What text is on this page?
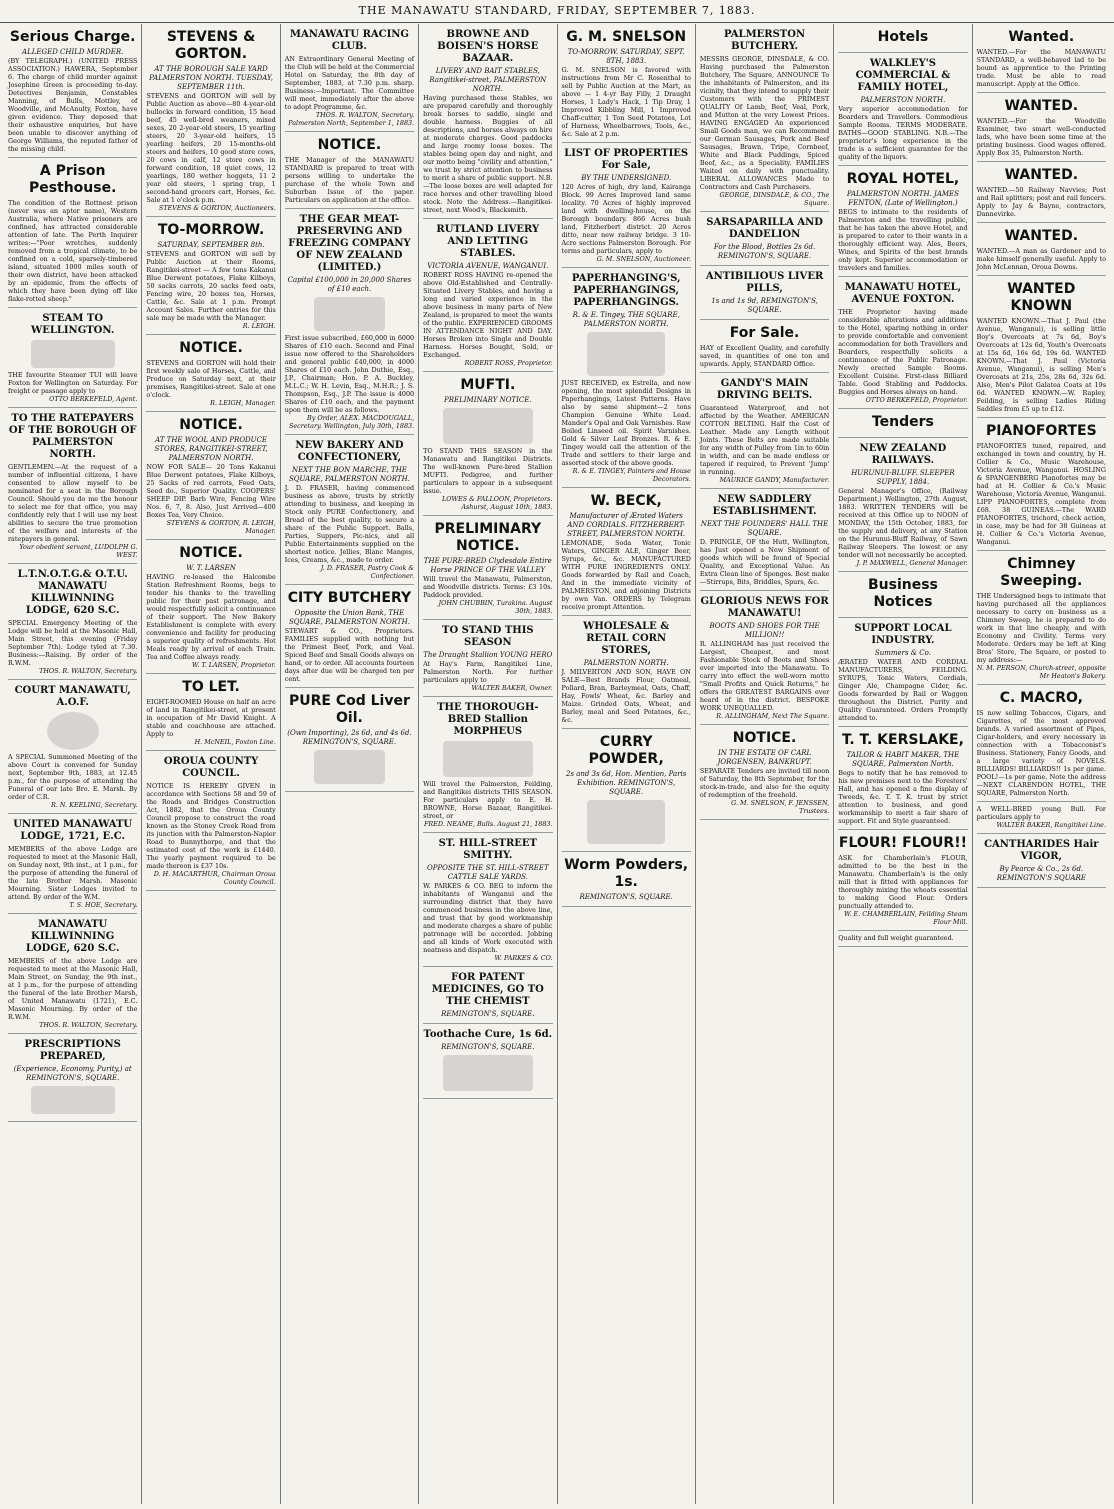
THE MANAWATU STANDARD, FRIDAY, SEPTEMBER 7, 1883.
Serious Charge.
ALLEGED CHILD MURDER.
(BY TELEGRAPH.) (UNITED PRESS ASSOCIATION.) HAWERA, September 6. The charge of child murder against Josephine Green is proceeding to-day. Detectives Benjamin, Constables Manning, of Bulls, Mottley, of Woodville, and McAnulty, Foxton, have given evidence. They deposed that their exhaustive enquiries, but have been unable to discover anything of George Williams, the reputed father of the missing child.
A Prison Pesthouse.
The condition of the Rottnest prison (never was an apter name), Western Australia, where Native prisoners are confined, has attracted considerable attention of late. The Perth Inquirer writes:—"Poor wretches, suddenly removed from a tropical climate, to be confined on a cold, sparsely-timbered island, situated 1000 miles south of their own district, have been attacked by an epidemic, from the effects of which they have been dying off like flake-rotted sheep."
STEAM TO WELLINGTON.
THE favourite Steamer TUI will leave Foxton for Wellington on Saturday. For freight or passage apply to
OTTO BERKEFELD, Agent.
TO THE RATEPAYERS OF THE BOROUGH OF PALMERSTON NORTH.
GENTLEMEN.—At the request of a number of influential citizens, I have consented to allow myself to be nominated for a seat in the Borough Council. Should you do me the honour to select me for that office, you may confidently rely that I will use my best abilities to secure the true promotion of the welfare and interests of the ratepayers in general.
Your obedient servant, LUDOLPH G. WEST.
L.T.N.O.T.G.& O.T.U. MANAWATU KILLWINNING LODGE, 620 S.C.
SPECIAL Emergency Meeting of the Lodge will be held at the Masonic Hall, Main Street, this evening (Friday September 7th). Lodge tyled at 7.30. Business:—Raising. By order of the R.W.M.
THOS. R. WALTON, Secretary.
COURT MANAWATU, A.O.F.
A SPECIAL Summoned Meeting of the above Court is convened for Sunday next, September 9th, 1883, at 12.45 p.m., for the purpose of attending the Funeral of our late Bro. E. Marsh. By order of C.R.
R. N. KEELING, Secretary.
UNITED MANAWATU LODGE, 1721, E.C.
MEMBERS of the above Lodge are requested to meet at the Masonic Hall, on Sunday next, 9th inst., at 1 p.m., for the purpose of attending the funeral of the late Brother Marsh. Masonic Mourning. Sister Lodges invited to attend. By order of the W.M.
T. S. HOE, Secretary.
MANAWATU KILLWINNING LODGE, 620 S.C.
MEMBERS of the above Lodge are requested to meet at the Masonic Hall, Main Street, on Sunday, the 9th inst., at 1 p.m., for the purpose of attending the funeral of the late Brother Marsh, of United Manawatu (1721), E.C. Masonic Mourning. By order of the R.W.M.
THOS. R. WALTON, Secretary.
PRESCRIPTIONS PREPARED,
(Experience, Economy, Purity,) at REMINGTON'S, SQUARE.
STEVENS & GORTON.
AT THE BOROUGH SALE YARD PALMERSTON NORTH. TUESDAY, SEPTEMBER 11th.
STEVENS and GORTON will sell by Public Auction as above—80 4-year-old bullocks in forward condition, 15 head beef, 45 well-bred weaners, mixed sexes, 20 2-year-old steers, 15 yearling steers, 20 3-year-old heifers, 15 yearling heifers, 20 15-months-old steers and heifers, 10 good store cows, 20 cows in calf, 12 store cows in forward condition, 18 quiet cows, 12 yearlings, 180 wether hoggets, 11 2 year old steers, 1 spring trap, 1 second-hand grocers cart, Horses, &c. Sale at 1 o'clock p.m.
STEVENS & GORTON, Auctioneers.
TO-MORROW.
SATURDAY, SEPTEMBER 8th.
STEVENS and GORTON will sell by Public Auction at their Rooms, Rangitikei-street — A few tons Kakanui Blue Derwent potatoes, Flake Kilboys, 50 sacks carrots, 20 sacks feed oats, Fencing wire, 20 boxes tea, Horses, Cattle, &c. Sale at 1 p.m. Prompt Account Sales. Further entries for this sale may be made with the Manager.
R. LEIGH.
NOTICE.
STEVENS and GORTON will hold their first weekly sale of Horses, Cattle, and Produce on Saturday next, at their premises, Rangitikei-street. Sale at one o'clock.
R. LEIGH, Manager.
NOTICE.
AT THE WOOL AND PRODUCE STORES, RANGITIKEI-STREET, PALMERSTON NORTH.
NOW FOR SALE— 20 Tons Kakanui Blue Derwent potatoes, Flake Kilboys, 25 Sacks of red carrots, Feed Oats, Seed do., Superior Quality. COOPERS' SHEEP DIP. Barb Wire, Fencing Wire Nos. 6, 7, 8. Also, Just Arrived—400 Boxes Tea, Very Choice.
STEVENS & GORTON, R. LEIGH, Manager.
NOTICE.
W. T. LARSEN
HAVING re-leased the Halcombe Station Refreshment Rooms, begs to tender his thanks to the travelling public for their past patronage, and would respectfully solicit a continuance of their support. The New Bakery Establishment is complete with every convenience and facility for producing a superior quality of refreshments. Hot Meals ready by arrival of each Train. Tea and Coffee always ready.
W. T. LARSEN, Proprietor.
TO LET.
EIGHT-ROOMED House on half an acre of land in Rangitikei-street, at present in occupation of Mr David Knight. A stable and coachhouse are attached. Apply to
H. McNEIL, Foxton Line.
OROUA COUNTY COUNCIL.
NOTICE IS HEREBY GIVEN in accordance with Sections 58 and 59 of the Roads and Bridges Construction Act, 1882, that the Oroua County Council propose to construct the road known as the Stoney Creek Road from its junction with the Palmerston-Napier Road to Bunnythorpe, and that the estimated cost of the work is £1440. The yearly payment required to be made thereon is £37 10s.
D. H. MACARTHUR, Chairman Oroua County Council.
MANAWATU RACING CLUB.
AN Extraordinary General Meeting of the Club will be held at the Commercial Hotel on Saturday, the 8th day of September, 1883, at 7.30 p.m. sharp. Business:—Important. The Committee will meet, immediately after the above to adopt Programme, &c.
THOS. R. WALTON, Secretary. Palmerston North, September 1, 1883.
NOTICE.
THE Manager of the MANAWATU STANDARD is prepared to treat with persons willing to undertake the purchase of the whole Town and Suburban Issue of the paper. Particulars on application at the office.
THE GEAR MEAT-PRESERVING AND FREEZING COMPANY OF NEW ZEALAND (LIMITED.)
Capital £100,000 in 20,000 Shares of £10 each.
First issue subscribed, £60,000 in 6000 Shares of £10 each. Second and Final issue now offered to the Shareholders and general public £40,000, in 4000 Shares of £10 each. John Duthie, Esq., J.P., Chairman; Hon. P. A. Buckley, M.L.C.; W. H. Levin, Esq., M.H.R.; J. S. Thompson, Esq., J.P. The issue is 4000 Shares of £10 each, and the payment upon them will be as follows.
By Order, ALEX. MACDOUGALL, Secretary. Wellington, July 30th, 1883.
NEW BAKERY AND CONFECTIONERY,
NEXT THE BON MARCHE, THE SQUARE, PALMERSTON NORTH.
J. D. FRASER, having commenced business as above, trusts by strictly attending to business, and keeping in Stock only PURE Confectionery, and Bread of the best quality, to secure a share of the Public Support. Balls, Parties, Suppers, Pic-nics, and all Public Entertainments supplied on the shortest notice. Jellies, Blanc Manges, Ices, Creams, &c., made to order.
J. D. FRASER, Pastry Cook & Confectioner.
CITY BUTCHERY
Opposite the Union Bank, THE SQUARE, PALMERSTON NORTH.
STEWART & CO., Proprietors. FAMILIES supplied with nothing but the Primest Beef, Pork, and Veal. Spiced Beef and Small Goods always on hand, or to order. All accounts fourteen days after due will be charged ten per cent.
PURE Cod Liver Oil.
(Own Importing), 2s 6d, and 4s 6d. REMINGTON'S, SQUARE.
BROWNE AND BOISEN'S HORSE BAZAAR.
LIVERY AND BAIT STABLES, Rangitikei-street, PALMERSTON NORTH.
Having purchased these Stables, we are prepared carefully and thoroughly break horses to saddle, single and double harness. Buggies of all descriptions, and horses always on hire at moderate charges. Good paddocks and large roomy loose boxes. The stables being open day and night, and our motto being "civility and attention," we trust by strict attention to business to merit a share of public support. N.B.—The loose boxes are well adapted for race horses and other travelling blood stock. Note the Address.—Rangitikei-street, next Wood's, Blacksmith.
RUTLAND LIVERY AND LETTING STABLES.
VICTORIA AVENUE, WANGANUI.
ROBERT ROSS HAVING re-opened the above Old-Established and Centrally-Situated Livery Stables, and having a long and varied experience in the above business in many parts of New Zealand, is prepared to meet the wants of the public. EXPERIENCED GROOMS IN ATTENDANCE NIGHT AND DAY. Horses Broken into Single and Double Harness. Horses Bought, Sold, or Exchanged.
ROBERT ROSS, Proprietor.
MUFTI.
PRELIMINARY NOTICE.
TO STAND THIS SEASON in the Manawatu and Rangitikei Districts. The well-known Pure-bred Stallion MUFTI. Pedigree, and further particulars to appear in a subsequent issue.
LOWES & FALLOON, Proprietors. Ashurst, August 10th, 1883.
PRELIMINARY NOTICE.
THE PURE-BRED Clydesdale Entire Horse PRINCE OF THE VALLEY
Will travel the Manawatu, Palmerston, and Woodville districts. Terms: £3 10s. Paddock provided.
JOHN CHUBBIN, Turakina. August 30th, 1883.
TO STAND THIS SEASON
The Draught Stallion YOUNG HERO
At Hay's Farm, Rangitikei Line, Palmerston North. For further particulars apply to
WALTER BAKER, Owner.
THE THOROUGH-BRED Stallion MORPHEUS
Will travel the Palmerston, Feilding, and Rangitikei districts THIS SEASON. For particulars apply to E. H. BROWNE, Horse Bazaar, Rangitikei-street, or
FRED. NEAME, Bulls. August 21, 1883.
ST. HILL-STREET SMITHY.
OPPOSITE THE ST. HILL-STREET CATTLE SALE YARDS.
W. PARKES & CO. BEG to inform the inhabitants of Wanganui and the surrounding district that they have commenced business in the above line, and trust that by good workmanship and moderate charges a share of public patronage will be accorded. Jobbing and all kinds of Work executed with neatness and dispatch.
W. PARKES & CO.
FOR PATENT MEDICINES, GO TO THE CHEMIST
REMINGTON'S, SQUARE.
Toothache Cure, 1s 6d.
REMINGTON'S, SQUARE.
G. M. SNELSON
TO-MORROW. SATURDAY, SEPT. 8TH, 1883.
G. M. SNELSON is favored with instructions from Mr C. Rosenthal to sell by Public Auction at the Mart, as above — 1 4-yr Bay Filly, 2 Draught Horses, 1 Lady's Hack, 1 Tip Dray, 1 Improved Kibbling Mill, 1 Improved Chaff-cutter, 1 Ton Seed Potatoes, Lot of Harness, Wheelbarrows, Tools, &c., &c. Sale at 2 p.m.
LIST OF PROPERTIES For Sale,
BY THE UNDERSIGNED.
120 Acres of high, dry land, Kairanga Block. 99 Acres Improved land same locality. 70 Acres of highly improved land with dwelling-house, on the Borough boundary. 866 Acres bush land, Fitzherbert district. 20 Acres ditto, near new railway bridge. 3 10-Acre sections Palmerston Borough. For terms and particulars, apply to
G. M. SNELSON, Auctioneer.
PAPERHANGING'S, PAPERHANGINGS, PAPERHANGINGS.
R. & E. Tingey, THE SQUARE, PALMERSTON NORTH.
JUST RECEIVED, ex Estrella, and now opening, the most splendid Designs in Paperhangings, Latest Patterns. Have also by same shipment—2 tons Champion Genuine White Lead. Mander's Opal and Oak Varnishes. Raw Boiled Linseed oil. Spirit Varnishes. Gold & Silver Leaf Bronzes. R. & E. Tingey would call the attention of the Trade and settlers to their large and assorted stock of the above goods.
R. & E. TINGEY, Painters and House Decorators.
W. BECK,
Manufacturer of Ærated Waters AND CORDIALS. FITZHERBERT-STREET, PALMERSTON NORTH.
LEMONADE, Soda Water, Tonic Waters, GINGER ALE, Ginger Beer, Syrups, &c., &c. MANUFACTURED WITH PURE INGREDIENTS ONLY. Goods forwarded by Rail and Coach, And in the immediate vicinity of PALMERSTON, and adjoining Districts by own Van. ORDERS by Telegram receive prompt Attention.
WHOLESALE & RETAIL CORN STORES,
PALMERSTON NORTH.
J. MILVERTON AND SON, HAVE ON SALE—Best Brands Flour, Oatmeal, Pollard, Bran, Barleymeal, Oats, Chaff, Hay, Fowls' Wheat, &c. Barley and Maize. Grinded Oats, Wheat, and Barley, meal and Seed Potatoes, &c., &c.
CURRY POWDER,
2s and 3s 6d, Hon. Mention, Paris Exhibition. REMINGTON'S, SQUARE.
Worm Powders, 1s.
REMINGTON'S, SQUARE.
PALMERSTON BUTCHERY.
MESSRS GEORGE, DINSDALE, & CO. Having purchased the Palmerston Butchery, The Square, ANNOUNCE To the inhabitants of Palmerston, and its vicinity, that they intend to supply their Customers with the PRIMEST QUALITY Of Lamb, Beef, Veal, Pork, and Mutton at the very Lowest Prices. HAVING ENGAGED An experienced Small Goods man, we can Recommend our German Sausages, Pork and Beef Sausages, Brawn, Tripe, Cornbeef, White and Black Puddings, Spiced Beef, &c., as a Speciality. FAMILIES Waited on daily with punctuality. LIBERAL ALLOWANCES Made to Contractors and Cash Purchasers.
GEORGE, DINSDALE, & CO., The Square.
SARSAPARILLA AND DANDELION
For the Blood, Bottles 2s 6d. REMINGTON'S, SQUARE.
ANTIBILIOUS LIVER PILLS,
1s and 1s 9d, REMINGTON'S, SQUARE.
For Sale.
HAY of Excellent Quality, and carefully saved, in quantities of one ton and upwards. Apply, STANDARD Office.
GANDY'S MAIN DRIVING BELTS.
Guaranteed Waterproof, and not affected by the Weather. AMERICAN COTTON BELTING. Half the Cost of Leather. Made any Length without Joints. These Belts are made suitable for any width of Pulley from 1in to 60in in width, and can be made endless or tapered if required, to Prevent 'Jump' in running.
MAURICE GANDY, Manufacturer.
NEW SADDLERY ESTABLISHMENT.
NEXT THE FOUNDERS' HALL THE SQUARE.
D. PRINGLE, OF the Hutt, Wellington, has Just opened a New Shipment of goods which will be found of Special Quality, and Exceptional Value. An Extra Clean line of Sponges. Best make—Stirrups, Bits, Briddles, Spurs, &c.
GLORIOUS NEWS FOR MANAWATU!
BOOTS AND SHOES FOR THE MILLION!!
R. ALLINGHAM has just received the Largest, Cheapest, and most Fashionable Stock of Boots and Shoes ever imported into the Manawatu. To carry into effect the well-worn motto "Small Profits and Quick Returns," he offers the GREATEST BARGAINS ever heard of in the district. BESPOKE WORK UNEQUALLED.
R. ALLINGHAM, Next The Square.
NOTICE.
IN THE ESTATE OF CARL JORGENSEN, BANKRUPT.
SEPARATE Tenders are invited till noon of Saturday, the 8th September, for the stock-in-trade, and also for the equity of redemption of the freehold.
G. M. SNELSON, F. JENSSEN, Trustees.
Hotels
WALKLEY'S COMMERCIAL & FAMILY HOTEL,
PALMERSTON NORTH.
Very superior accommodation for Boarders and Travellers. Commodious Sample Rooms. TERMS MODERATE. BATHS—GOOD STABLING. N.B.—The proprietor's long experience in the trade is a sufficient guarantee for the quality of the liquors.
ROYAL HOTEL,
PALMERSTON NORTH. JAMES FENTON, (Late of Wellington.)
BEGS to intimate to the residents of Palmerston and the travelling public, that he has taken the above Hotel, and is prepared to cater to their wants in a thoroughly efficient way. Ales, Beers, Wines, and Spirits of the best brands only kept. Superior accommodation or travelers and families.
MANAWATU HOTEL, AVENUE FOXTON.
THE Proprietor having made considerable alterations and additions to the Hotel, sparing nothing in order to provide comfortable and convenient accommodation for both Travellers and Boarders, respectfully solicits a continuance of the Public Patronage. Newly erected Sample Rooms. Excellent Cuisine. First-class Billiard Table. Good Stabling and Paddocks. Buggies and Horses always on hand.
OTTO BERKEFELD, Proprietor.
Tenders
NEW ZEALAND RAILWAYS.
HURUNUI-BLUFF. SLEEPER SUPPLY, 1884.
General Manager's Office, (Railway Department,) Wellington, 27th August, 1883. WRITTEN TENDERS will be received at this Office up to NOON of MONDAY, the 15th October, 1883, for the supply and delivery, at any Station on the Hurunui-Bluff Railway, of Sawn Railway Sleepers. The lowest or any tender will not necessarily be accepted.
J. P. MAXWELL, General Manager.
Business Notices
SUPPORT LOCAL INDUSTRY.
Summers & Co.
ÆRATED WATER AND CORDIAL MANUFACTURERS, FEILDING. SYRUPS, Tonic Waters, Cordials, Ginger Ale, Champagne Cider, &c. Goods forwarded by Rail or Waggon throughout the District. Purity and Quality Guaranteed. Orders Promptly attended to.
T. T. KERSLAKE,
TAILOR & HABIT MAKER, THE SQUARE, Palmerston North.
Begs to notify that he has removed to his new premises next to the Foresters' Hall, and has opened a fine display of Tweeds, &c. T. T. K. trust by strict attention to business, and good workmanship to merit a fair share of support. Fit and Style guaranteed.
FLOUR! FLOUR!!
ASK for Chamberlain's FLOUR, admitted to be the best in the Manawatu. Chamberlain's is the only mill that is fitted with appliances for thoroughly mixing the wheats essential to making Good Flour. Orders punctually attended to.
W. E. CHAMBERLAIN, Feilding Steam Flour Mill.
Quality and full weight guaranteed.
Wanted.
WANTED.—For the MANAWATU STANDARD, a well-behaved lad to be bound as apprentice to the Printing trade. Must be able to read manuscript. Apply at the Office.
WANTED.
WANTED.—For the Woodville Examiner, two smart well-conducted lads, who have been some time at the printing business. Good wages offered. Apply Box 35, Palmerston North.
WANTED.
WANTED.—50 Railway Navvies; Post and Rail splitters; post and rail fencers. Apply to Jay & Bayne, contractors, Dannevirke.
WANTED.
WANTED.—A man as Gardener and to make himself generally useful. Apply to John McLennan, Oroua Downs.
WANTED KNOWN
WANTED KNOWN.—That J. Paul (the Avenue, Wanganui), is selling little Boy's Overcoats at 7s 6d, Boy's Overcoats at 12s 6d, Youth's Overcoats at 15s 6d, 16s 6d, 19s 6d. WANTED KNOWN.—That J. Paul (Victoria Avenue, Wanganui), is selling Men's Overcoats at 21s, 25s, 28s 6d, 32s 6d. Also, Men's Pilot Galatea Coats at 19s 6d. WANTED KNOWN.—W. Rapley, Feilding, is selling Ladies Riding Saddles from £5 up to £12.
PIANOFORTES
PIANOFORTES tuned, repaired, and exchanged in town and country, by H. Collier & Co., Music Warehouse, Victoria Avenue, Wanganui. HOSLING & SPANGENBERG Pianofortes may be had at H. Collier & Co.'s Music Warehouse, Victoria Avenue, Wanganui. LIPP PIANOFORTES, complete from £68. 38 GUINEAS.—The WARD PIANOFORTES, trichord, check action, in case, may be had for 38 Guineas at H. Collier & Co.'s Victoria Avenue, Wanganui.
Chimney Sweeping.
THE Undersigned begs to intimate that having purchased all the appliances necessary to carry on business as a Chimney Sweep, he is prepared to do work in that line cheaply, and with Economy and Civility. Terms very Moderate. Orders may be left at King Bros' Store, The Square, or posted to my address:—
N. M. PERSON, Church-street, opposite Mr Heaton's Bakery.
C. MACRO,
IS now selling Tobaccos, Cigars, and Cigarettes, of the most approved brands. A varied assortment of Pipes, Cigar-holders, and every necessary in connection with a Tobacconist's Business. Stationery, Fancy Goods, and a large variety of NOVELS. BILLIARDS! BILLIARDS!! 1s per game. POOL!—1s per game. Note the address—NEXT CLARENDON HOTEL, THE SQUARE, Palmerston North.
A WELL-BRED young Bull. For particulars apply to
WALTER BAKER, Rangitikei Line.
CANTHARIDES Hair VIGOR,
By Pearce & Co., 2s 6d. REMINGTON'S SQUARE
